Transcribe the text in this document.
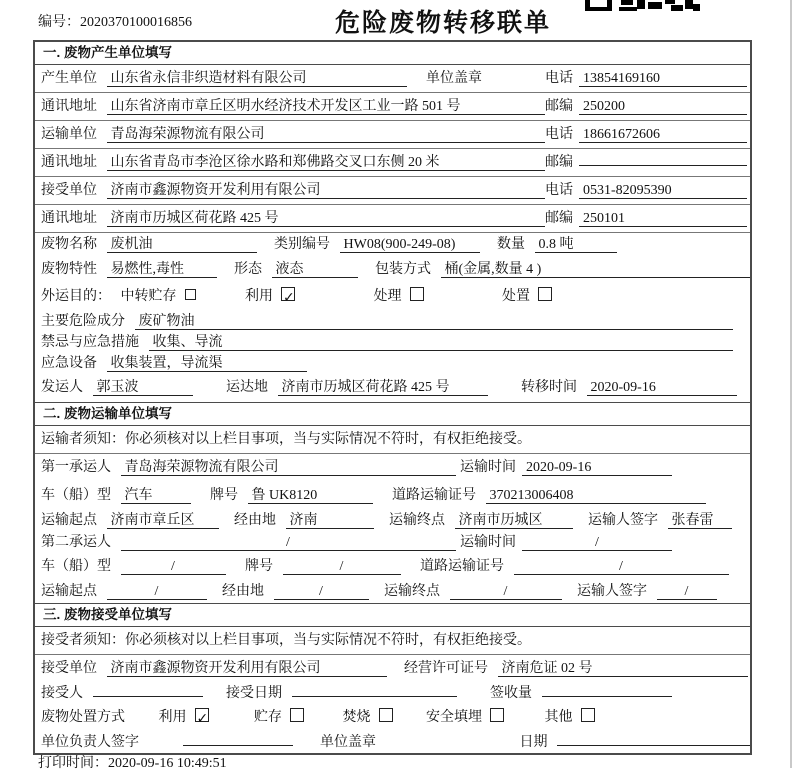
编号：2020370100016856	危险废物转移联单
一. 废物产生单位填写
产生单位 山东省永信非织造材料有限公司	单位盖章	电话 13854169160
通讯地址 山东省济南市章丘区明水经济技术开发区工业一路 501 号	邮编 250200
运输单位 青岛海荣源物流有限公司	电话 18661672606
通讯地址 山东省青岛市李沧区徐水路和郑佛路交叉口东侧 20 米	邮编
接受单位 济南市鑫源物资开发利用有限公司	电话 0531-82095390
通讯地址 济南市历城区荷花路 425 号	邮编 250101
废物名称 废机油	类别编号 HW08(900-249-08)	数量 0.8 吨
废物特性 易燃性,毒性	形态 液态	包装方式 桶(金属,数量 4 )
外运目的： 中转贮存	利用 ✓	处理	处置
主要危险成分 废矿物油
禁忌与应急措施 收集、导流
应急设备 收集装置，导流渠
发运人 郭玉波	运达地 济南市历城区荷花路 425 号	转移时间 2020-09-16
二. 废物运输单位填写
运输者须知：你必须核对以上栏目事项，当与实际情况不符时，有权拒绝接受。
第一承运人 青岛海荣源物流有限公司	运输时间 2020-09-16
车（船）型 汽车	牌号 鲁 UK8120	道路运输证号 370213006408
运输起点 济南市章丘区	经由地 济南	运输终点 济南市历城区	运输人签字 张春雷
第二承运人	/	运输时间	/
车（船）型	/	牌号	/	道路运输证号	/
运输起点	/	经由地	/	运输终点	/	运输人签字	/
三. 废物接受单位填写
接受者须知：你必须核对以上栏目事项，当与实际情况不符时，有权拒绝接受。
接受单位 济南市鑫源物资开发利用有限公司	经营许可证号 济南危证 02 号
接受人	接受日期	签收量
废物处置方式 利用 ✓	贮存	焚烧	安全填埋	其他
单位负责人签字	单位盖章	日期
打印时间：2020-09-16 10:49:51
